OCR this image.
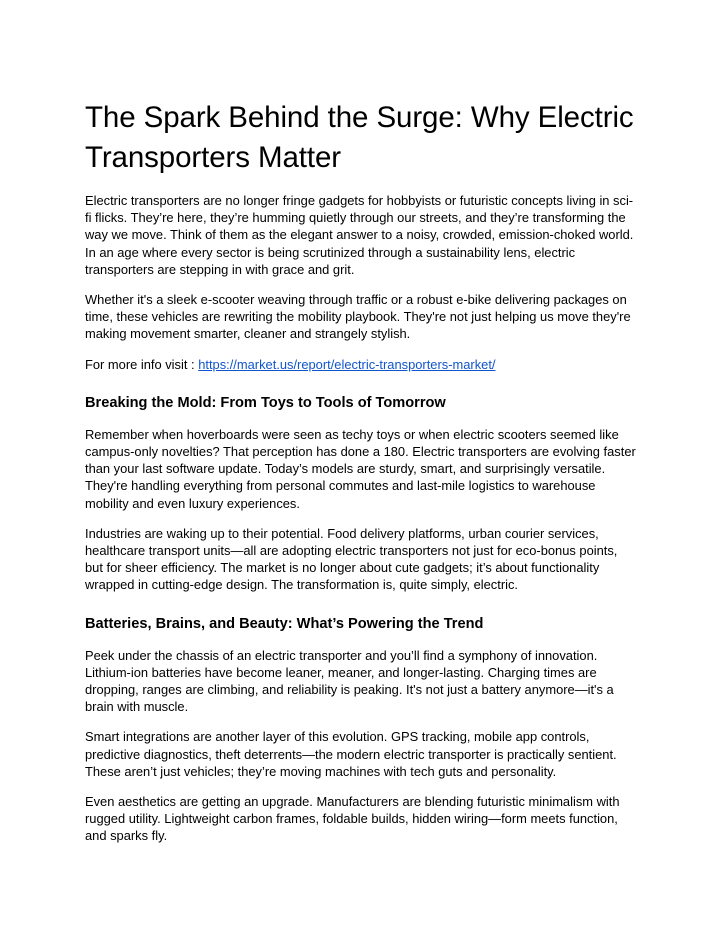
The Spark Behind the Surge: Why Electric Transporters Matter

Electric transporters are no longer fringe gadgets for hobbyists or futuristic concepts living in sci-fi flicks. They’re here, they’re humming quietly through our streets, and they’re transforming the way we move. Think of them as the elegant answer to a noisy, crowded, emission-choked world. In an age where every sector is being scrutinized through a sustainability lens, electric transporters are stepping in with grace and grit.

Whether it's a sleek e-scooter weaving through traffic or a robust e-bike delivering packages on time, these vehicles are rewriting the mobility playbook. They're not just helping us move they're making movement smarter, cleaner and strangely stylish.

For more info visit : https://market.us/report/electric-transporters-market/

Breaking the Mold: From Toys to Tools of Tomorrow

Remember when hoverboards were seen as techy toys or when electric scooters seemed like campus-only novelties? That perception has done a 180. Electric transporters are evolving faster than your last software update. Today’s models are sturdy, smart, and surprisingly versatile. They're handling everything from personal commutes and last-mile logistics to warehouse mobility and even luxury experiences.

Industries are waking up to their potential. Food delivery platforms, urban courier services, healthcare transport units—all are adopting electric transporters not just for eco-bonus points, but for sheer efficiency. The market is no longer about cute gadgets; it’s about functionality wrapped in cutting-edge design. The transformation is, quite simply, electric.

Batteries, Brains, and Beauty: What’s Powering the Trend

Peek under the chassis of an electric transporter and you’ll find a symphony of innovation. Lithium-ion batteries have become leaner, meaner, and longer-lasting. Charging times are dropping, ranges are climbing, and reliability is peaking. It's not just a battery anymore—it's a brain with muscle.

Smart integrations are another layer of this evolution. GPS tracking, mobile app controls, predictive diagnostics, theft deterrents—the modern electric transporter is practically sentient. These aren’t just vehicles; they’re moving machines with tech guts and personality.

Even aesthetics are getting an upgrade. Manufacturers are blending futuristic minimalism with rugged utility. Lightweight carbon frames, foldable builds, hidden wiring—form meets function, and sparks fly.
